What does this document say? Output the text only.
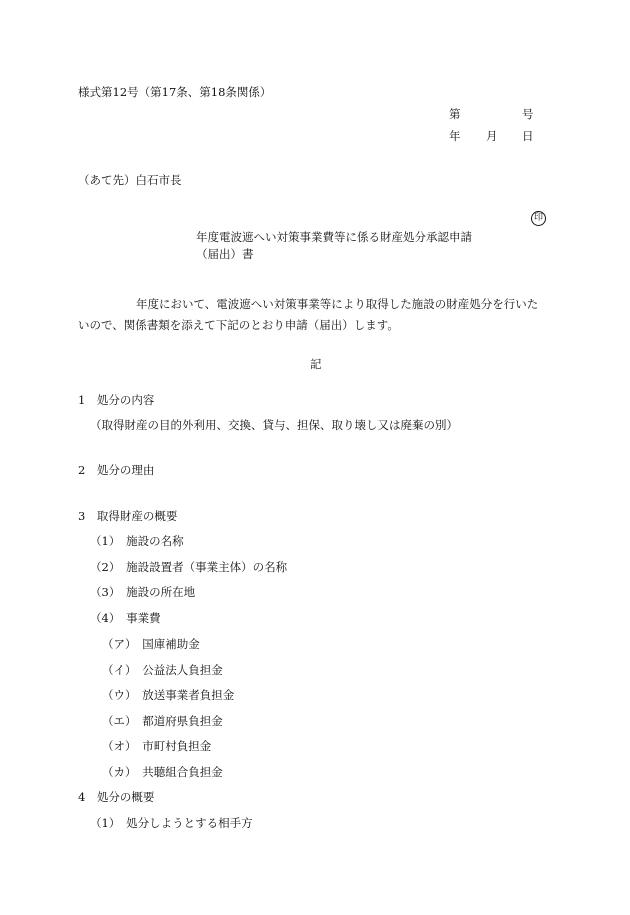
様式第12号（第17条、第18条関係）
第	号
年 月 日
（あて先）白石市長
印
年度電波遮へい対策事業費等に係る財産処分承認申請
（届出）書
年度において、電波遮へい対策事業等により取得した施設の財産処分を行いた
いので、関係書類を添えて下記のとおり申請（届出）します。
記
1　処分の内容
（取得財産の目的外利用、交換、貸与、担保、取り壊し又は廃棄の別）
2　処分の理由
3　取得財産の概要
（1）　施設の名称
（2）　施設設置者（事業主体）の名称
（3）　施設の所在地
（4）　事業費
（ア）　国庫補助金
（イ）　公益法人負担金
（ウ）　放送事業者負担金
（エ）　都道府県負担金
（オ）　市町村負担金
（カ）　共聴組合負担金
4　処分の概要
（1）　処分しようとする相手方
